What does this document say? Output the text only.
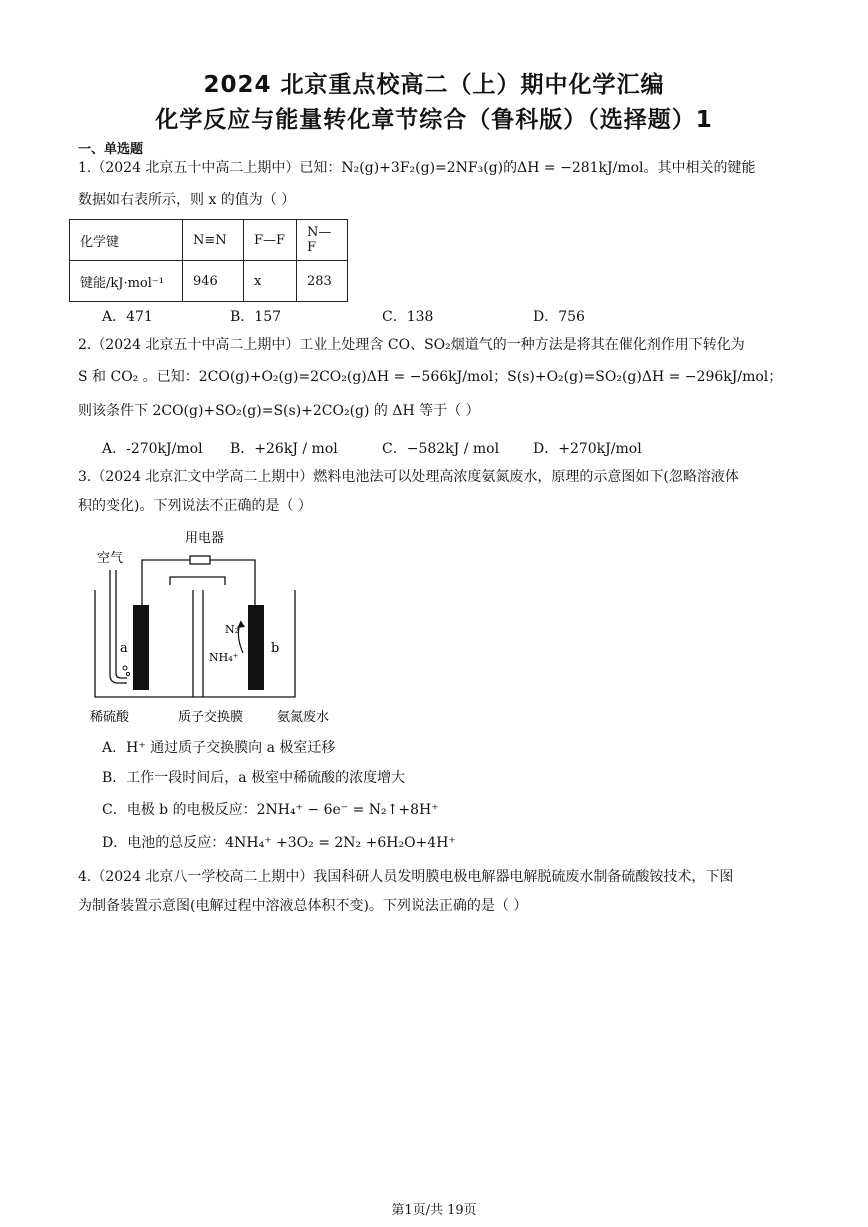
2024 北京重点校高二（上）期中化学汇编
化学反应与能量转化章节综合（鲁科版）（选择题）1
一、单选题
1.（2024 北京五十中高二上期中）已知：N₂(g)+3F₂(g)=2NF₃(g)的ΔH = −281kJ/mol。其中相关的键能
数据如右表所示，则 x 的值为（ ）
化学键	N≡N	F—F	N—F
键能/kJ·mol⁻¹	946	x	283
A．471	B．157	C．138	D．756
2.（2024 北京五十中高二上期中）工业上处理含 CO、SO₂烟道气的一种方法是将其在催化剂作用下转化为
S 和 CO₂ 。已知：2CO(g)+O₂(g)=2CO₂(g)ΔH = −566kJ/mol；S(s)+O₂(g)=SO₂(g)ΔH = −296kJ/mol；
则该条件下 2CO(g)+SO₂(g)=S(s)+2CO₂(g) 的 ΔH 等于（ ）
A．-270kJ/mol B．+26kJ / mol	C．−582kJ / mol D．+270kJ/mol
3.（2024 北京汇文中学高二上期中）燃料电池法可以处理高浓度氨氮废水，原理的示意图如下(忽略溶液体
积的变化)。下列说法不正确的是（ ）
用电器
a	b
空气
N₂
NH₄⁺
稀硫酸	质子交换膜	氨氮废水
A．H⁺ 通过质子交换膜向 a 极室迁移
B．工作一段时间后，a 极室中稀硫酸的浓度增大
C．电极 b 的电极反应：2NH₄⁺ − 6e⁻ = N₂↑+8H⁺
D．电池的总反应：4NH₄⁺ +3O₂ = 2N₂ +6H₂O+4H⁺
4.（2024 北京八一学校高二上期中）我国科研人员发明膜电极电解器电解脱硫废水制备硫酸铵技术，下图
为制备装置示意图(电解过程中溶液总体积不变)。下列说法正确的是（ ）
第1页/共 19页
